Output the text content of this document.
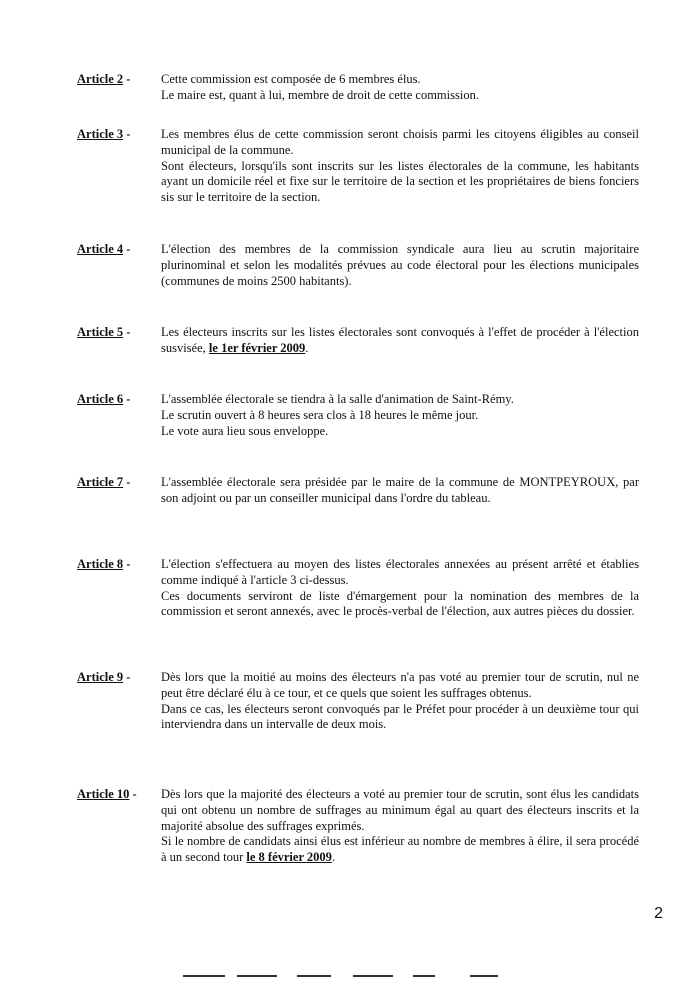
Article 2 - Cette commission est composée de 6 membres élus.

Le maire est, quant à lui, membre de droit de cette commission.

Article 3 - Les membres élus de cette commission seront choisis parmi les citoyens éligibles au conseil municipal de la commune.

Sont électeurs, lorsqu'ils sont inscrits sur les listes électorales de la commune, les habitants ayant un domicile réel et fixe sur le territoire de la section et les propriétaires de biens fonciers sis sur le territoire de la section.

Article 4 - L'élection des membres de la commission syndicale aura lieu au scrutin majoritaire plurinominal et selon les modalités prévues au code électoral pour les élections municipales (communes de moins 2500 habitants).

Article 5 - Les électeurs inscrits sur les listes électorales sont convoqués à l'effet de procéder à l'élection susvisée, le 1er février 2009.

Article 6 - L'assemblée électorale se tiendra à la salle d'animation de Saint-Rémy.

Le scrutin ouvert à 8 heures sera clos à 18 heures le même jour.

Le vote aura lieu sous enveloppe.

Article 7 - L'assemblée électorale sera présidée par le maire de la commune de MONTPEYROUX, par son adjoint ou par un conseiller municipal dans l'ordre du tableau.

Article 8 - L'élection s'effectuera au moyen des listes électorales annexées au présent arrêté et établies comme indiqué à l'article 3 ci-dessus.

Ces documents serviront de liste d'émargement pour la nomination des membres de la commission et seront annexés, avec le procès-verbal de l'élection, aux autres pièces du dossier.

Article 9 - Dès lors que la moitié au moins des électeurs n'a pas voté au premier tour de scrutin, nul ne peut être déclaré élu à ce tour, et ce quels que soient les suffrages obtenus.

Dans ce cas, les électeurs seront convoqués par le Préfet pour procéder à un deuxième tour qui interviendra dans un intervalle de deux mois.

Article 10 - Dès lors que la majorité des électeurs a voté au premier tour de scrutin, sont élus les candidats qui ont obtenu un nombre de suffrages au minimum égal au quart des électeurs inscrits et la majorité absolue des suffrages exprimés.

Si le nombre de candidats ainsi élus est inférieur au nombre de membres à élire, il sera procédé à un second tour le 8 février 2009.

2
